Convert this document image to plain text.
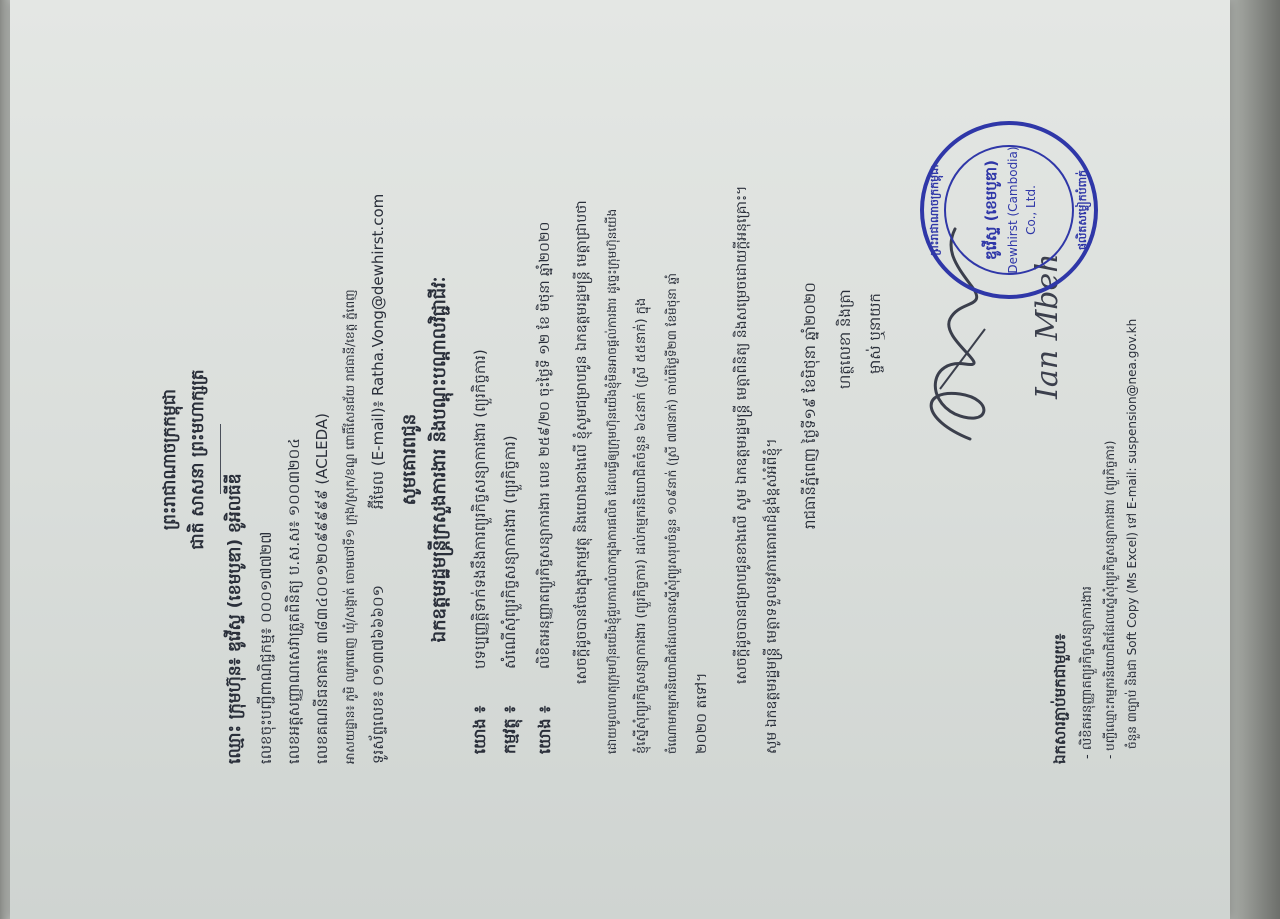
ព្រះរាជាណាចក្រកម្ពុជា ជាតិ សាសនា ព្រះមហាក្សត្រ
ឈ្មោះ ក្រុមហ៊ុន៖ ឌូវើស្ទ (ខេមបូឌា) ខូអិលធីឌី លេខចុះបញ្ជីពាណិជ្ជកម្ម៖ ០០០១៧៧២៧ លេខអត្តសញ្ញាណសេវាត្រួតពិនិត្យ ប.ស.ស៖ ១០០៣២០៤ លេខគណនីធនាគារ៖ ៣៨៣៤០០១២០៩៩៩៩៩ (ACLEDA) អាសយដ្ឋាន៖ ភូមិ ឈូកពេញ ឃុំ/សង្កាត់ ចោមចៅទី១ ក្រុង/ស្រុក/ខណ្ឌ ពោធិ៍សែនជ័យ រាជធានី/ខេត្ត ភ្នំពេញ ទូរស័ព្ទលេខ៖ ០១៣៧៦៦៦០១
អ៊ីមែល (E-mail)៖ Ratha.Vong@dewhirst.com សូមគោរពជូន ឯកឧត្តមរដ្ឋមន្ត្រីក្រសួងការងារ និងបណ្តុះបណ្តាលវិជ្ជាជីវៈ
យោង ៖
បទប្បញ្ញត្តិទាក់ទងនឹងការព្យួរកិច្ចសន្យាការងារ (ព្យួរកិច្ចការ)
កម្មវត្ថុ ៖
សំណើសុំព្យួរកិច្ចសន្យាការងារ (ព្យួរកិច្ចការ)
យោង ៖
លិខិតអនុញ្ញាតព្យួរកិច្ចសន្យាការងារ លេខ ២៥៩/២០ ចុះថ្ងៃទី ១២ ខែ មិថុនា ឆ្នាំ២០២០ សេចក្តីដូចបានចែងក្នុងកម្មវត្ថុ និងយោងខាងលើ ខ្ញុំសូមជម្រាបជូន ឯកឧត្តមរដ្ឋមន្ត្រី មេត្តាជ្រាបថា ដោយមូលហេតុក្រុមហ៊ុនយើងខ្ញុំជួបការលំបាកក្នុងការផលិត ដែលធ្វើឲ្យក្រុមហ៊ុនយើងខ្ញុំមិនអាចផ្តល់ការងារ ដូច្នេះក្រុមហ៊ុនយើង ខ្ញុំស្នើសុំព្យួរកិច្ចសន្យាការងារ (ព្យួរកិច្ចការ) ដល់កម្មករនិយោជិតចំនួន ៦៤នាក់ (ស្រី ៥៥នាក់) ក្នុង ចំណោមកម្មករនិយោជិតដែលបានស្នើសុំព្យួរសរុបចំនួន ១០៩នាក់ (ស្រី ៧៧នាក់) ចាប់ពីថ្ងៃទី២៣ ខែមិថុនា ឆ្នាំ ២០២០ តទៅ។
សេចក្តីដូចបានជម្រាបជូនខាងលើ សូម ឯកឧត្តមរដ្ឋមន្ត្រី មេត្តាពិនិត្យ និងសម្រេចដោយក្តីអនុគ្រោះ។ សូម ឯកឧត្តមរដ្ឋមន្ត្រី មេត្តាទទួលនូវការគោរពដ៏ខ្ពង់ខ្ពស់អំពីខ្ញុំ។
រាជធានីភ្នំពេញ ថ្ងៃទី១៩ ខែមិថុនា ឆ្នាំ២០២០ ហត្ថលេខា និងត្រា ម្ចាស់ ឬនាយក	Ian Mbeh
ព្រះរាជាណាចក្រកម្ពុជា	ឌូវើស្ទ (ខេមបូឌា) Dewhirst (Cambodia) Co., Ltd.	ផលិតសម្លៀកបំពាក់
ឯកសារភ្ជាប់មកជាមួយ៖ - លិខិតអនុញ្ញាតព្យួរកិច្ចសន្យាការងារ - បញ្ជីឈ្មោះកម្មករនិយោជិតដែលស្នើសុំព្យួរកិច្ចសន្យាការងារ (ព្យួរកិច្ចការ) ចំនួន ៣ច្បាប់ និងជា Soft Copy (Ms Excel) ទៅ E-mail: suspension@nea.gov.kh
